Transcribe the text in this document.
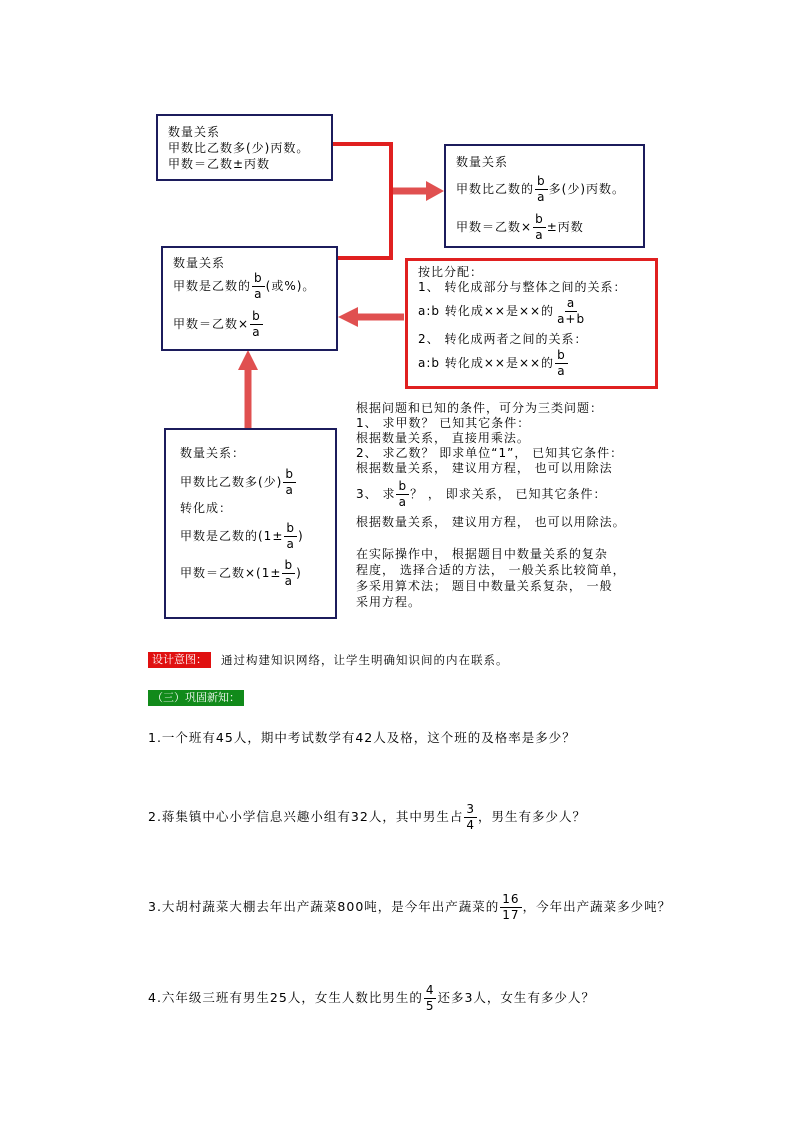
数量关系
甲数比乙数多(少)丙数。
甲数＝乙数±丙数	数量关系
甲数比乙数的 $\frac{b}{a}$ 多(少)丙数。
甲数＝乙数× $\frac{b}{a}$ ±丙数
数量关系
甲数是乙数的 $\frac{b}{a}$ (或%)。
甲数＝乙数× $\frac{b}{a}$
按比分配：
1、 转化成部分与整体之间的关系：
a:b 转化成××是××的 $\frac{a}{a+b}$
2、 转化成两者之间的关系：
a:b 转化成××是××的 $\frac{b}{a}$
数量关系：
甲数比乙数多(少) $\frac{b}{a}$
转化成：
甲数是乙数的($1\pm \frac{b}{a}$ )
甲数＝乙数$\times(1\pm \frac{b}{a}$ )
根据问题和已知的条件，可分为三类问题：
1、 求甲数？ 已知其它条件：
根据数量关系， 直接用乘法。
2、 求乙数？ 即求单位“1”， 已知其它条件：
根据数量关系， 建议用方程， 也可以用除法
3、 求 $\frac{b}{a}$ ？ ， 即求关系， 已知其它条件：
根据数量关系， 建议用方程， 也可以用除法。
在实际操作中， 根据题目中数量关系的复杂
程度， 选择合适的方法， 一般关系比较简单，
多采用算术法； 题目中数量关系复杂， 一般
采用方程。
设计意图：	通过构建知识网络，让学生明确知识间的内在联系。
（三）巩固新知：
1.一个班有45人，期中考试数学有42人及格，这个班的及格率是多少？
2.蒋集镇中心小学信息兴趣小组有32人，其中男生占 $\frac{3}{4}$ ，男生有多少人？
3.大胡村蔬菜大棚去年出产蔬菜800吨，是今年出产蔬菜的 $\frac{16}{17}$ ，今年出产蔬菜多少吨？
4.六年级三班有男生25人，女生人数比男生的 $\frac{4}{5}$ 还多3人，女生有多少人？
